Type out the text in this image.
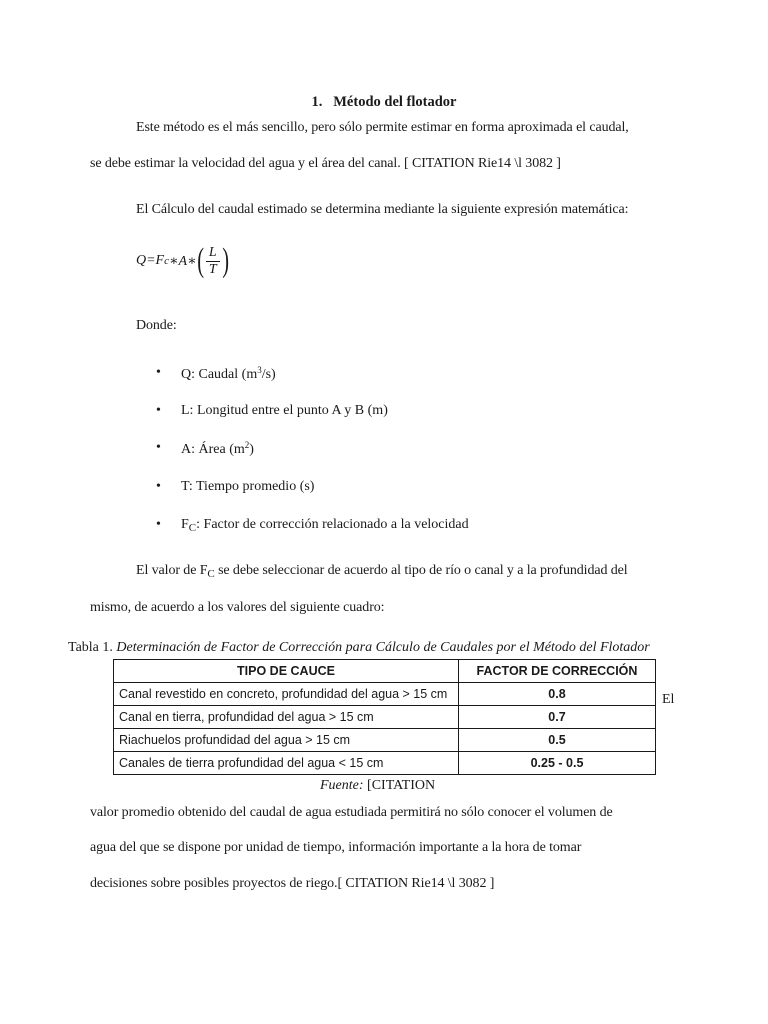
1. Método del flotador
Este método es el más sencillo, pero sólo permite estimar en forma aproximada el caudal,
se debe estimar la velocidad del agua y el área del canal. [ CITATION Rie14 \l 3082 ]
El Cálculo del caudal estimado se determina mediante la siguiente expresión matemática:
Q=F c ∗A∗ ( $\frac{L}{T}$ )
Donde:
• Q: Caudal $(m^3/s)$
• L: Longitud entre el punto A y B (m)
• A: Área $(m^2)$
• T: Tiempo promedio (s)
• $F_C$: Factor de corrección relacionado a la velocidad
El valor de $F_C$ se debe seleccionar de acuerdo al tipo de río o canal y a la profundidad del
mismo, de acuerdo a los valores del siguiente cuadro:
Tabla 1. Determinación de Factor de Corrección para Cálculo de Caudales por el Método del Flotador
TIPO DE CAUCE	FACTOR DE CORRECCIÓN
Canal revestido en concreto, profundidad del agua > 15 cm	0.8
Canal en tierra, profundidad del agua > 15 cm	0.7
Riachuelos profundidad del agua > 15 cm	0.5
Canales de tierra profundidad del agua < 15 cm	0.25 - 0.5
El
Fuente: [CITATION
valor promedio obtenido del caudal de agua estudiada permitirá no sólo conocer el volumen de
agua del que se dispone por unidad de tiempo, información importante a la hora de tomar
decisiones sobre posibles proyectos de riego.[ CITATION Rie14 \l 3082 ]
